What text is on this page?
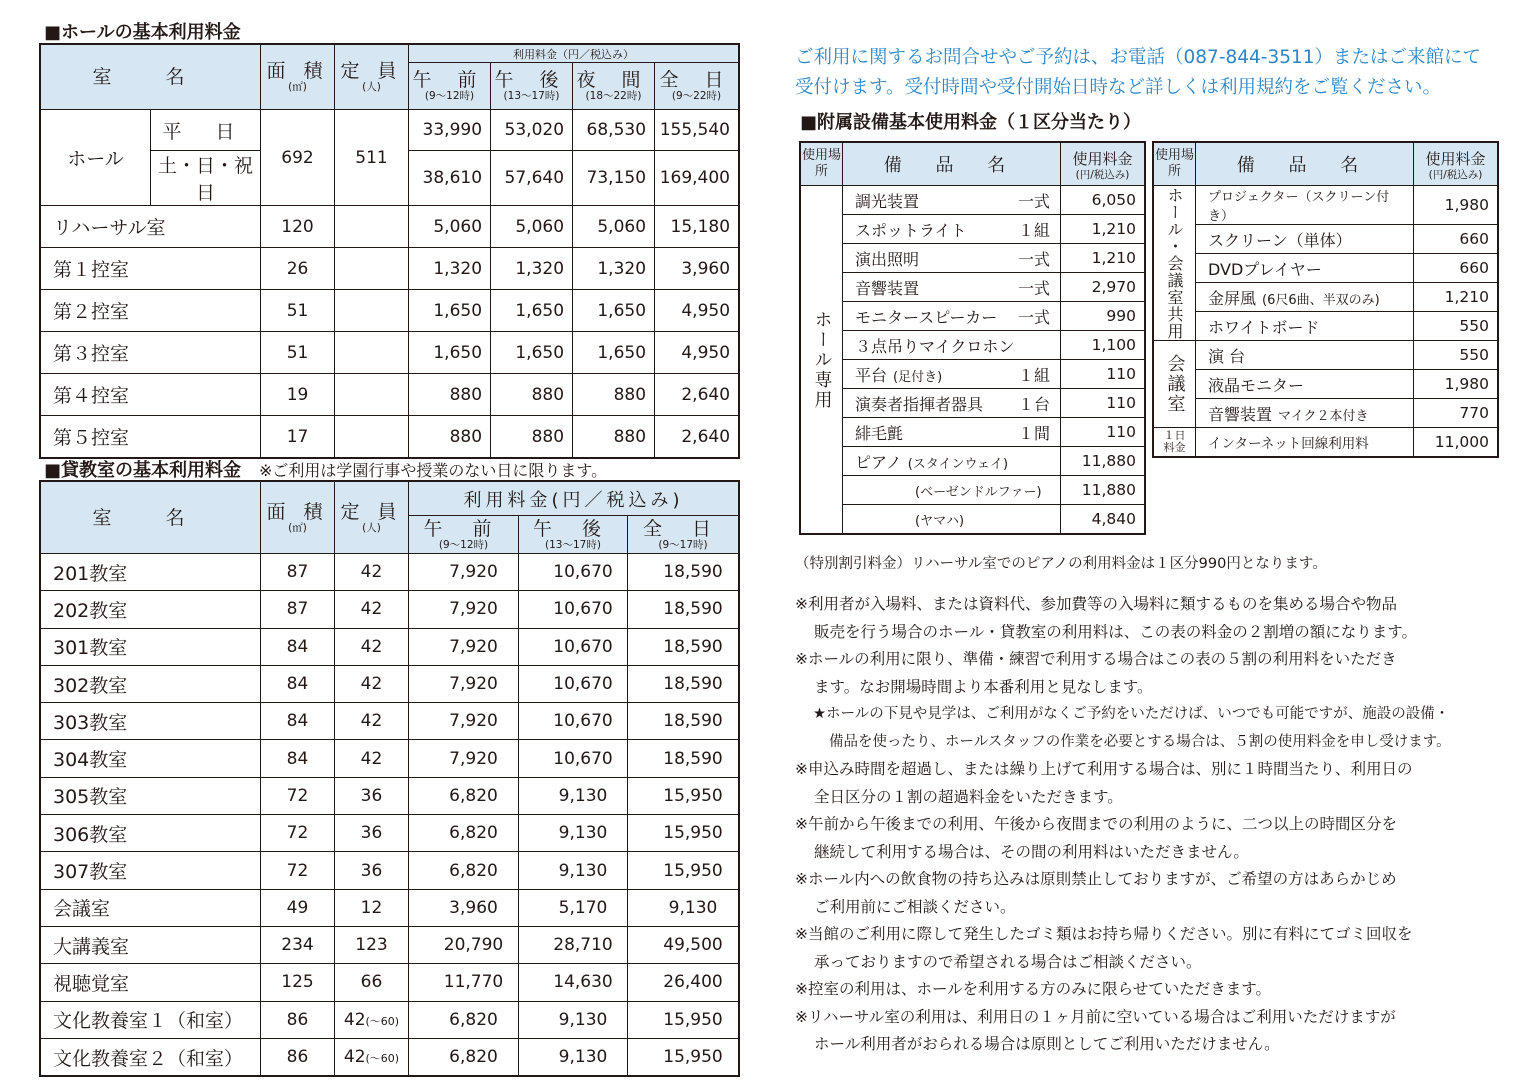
■ホールの基本利用料金
室 名		面 積
(㎡)	定 員
(人)	利用料金（円／税込み）			

				午 前
(9～12時)	午 後
(13～17時)	夜 間
(18～22時)	全 日
(9～22時)

ホール	平 日	692	511	33,990	53,020	68,530	155,540
	土・日・祝日			38,610	57,640	73,150	169,400
リハーサル室		120		5,060	5,060	5,060	15,180
第１控室		26		1,320	1,320	1,320	3,960
第２控室		51		1,650	1,650	1,650	4,950
第３控室		51		1,650	1,650	1,650	4,950
第４控室		19		880	880	880	2,640
第５控室		17		880	880	880	2,640
■貸教室の基本利用料金 ※ご利用は学園行事や授業のない日に限ります。
室 名	面 積
(㎡)	定 員
(人)	利用料金(円／税込み)		

			午 前
(9～12時)	午 後
(13～17時)	全 日
(9～17時)

201教室	87	42	7,920	10,670	18,590
202教室	87	42	7,920	10,670	18,590
301教室	84	42	7,920	10,670	18,590
302教室	84	42	7,920	10,670	18,590
303教室	84	42	7,920	10,670	18,590
304教室	84	42	7,920	10,670	18,590
305教室	72	36	6,820	9,130	15,950
306教室	72	36	6,820	9,130	15,950
307教室	72	36	6,820	9,130	15,950
会議室	49	12	3,960	5,170	9,130
大講義室	234	123	20,790	28,710	49,500
視聴覚室	125	66	11,770	14,630	26,400
文化教養室１（和室）	86	42(～60)	6,820	9,130	15,950
文化教養室２（和室）	86	42(～60)	6,820	9,130	15,950
ご利用に関するお問合せやご予約は、お電話（087-844-3511）またはご来館にて
受付けます。受付時間や受付開始日時など詳しくは利用規約をご覧ください。
■附属設備基本使用料金（１区分当たり）
使用場所	備 品 名	使用料金
(円/税込み)

ホール専用	調光装置 一式	6,050

	スポットライト １組	1,210

	演出照明 一式	1,210

	音響装置 一式	2,970

	モニタースピーカー 一式	990

	３点吊りマイクロホン	1,100

	平台 (足付き) １組	110

	演奏者指揮者器具 １台	110

	緋毛氈 １間	110

	ピアノ (スタインウェイ)	11,880

	(ベーゼンドルファー)	11,880

	(ヤマハ)	4,840
使用場所	備 品 名	使用料金
(円/税込み)

ホール・会議室共用	プロジェクター（スクリーン付き）	1,980

	スクリーン（単体）	660

	DVDプレイヤー	660

	金屏風 (6尺6曲、半双のみ)	1,210

	ホワイトボード	550

会議室	演 台	550

	液晶モニター	1,980

	音響装置 マイク２本付き	770

１日料金	インターネット回線利用料	11,000
（特別割引料金）リハーサル室でのピアノの利用料金は１区分990円となります。

※利用者が入場料、または資料代、参加費等の入場料に類するものを集める場合や物品

販売を行う場合のホール・貸教室の利用料は、この表の料金の２割増の額になります。

※ホールの利用に限り、準備・練習で利用する場合はこの表の５割の利用料をいただき

ます。なお開場時間より本番利用と見なします。

★ホールの下見や見学は、ご利用がなくご予約をいただけば、いつでも可能ですが、施設の設備・

備品を使ったり、ホールスタッフの作業を必要とする場合は、５割の使用料金を申し受けます。

※申込み時間を超過し、または繰り上げて利用する場合は、別に１時間当たり、利用日の

全日区分の１割の超過料金をいただきます。

※午前から午後までの利用、午後から夜間までの利用のように、二つ以上の時間区分を

継続して利用する場合は、その間の利用料はいただきません。

※ホール内への飲食物の持ち込みは原則禁止しておりますが、ご希望の方はあらかじめ

ご利用前にご相談ください。

※当館のご利用に際して発生したゴミ類はお持ち帰りください。別に有料にてゴミ回収を

承っておりますので希望される場合はご相談ください。

※控室の利用は、ホールを利用する方のみに限らせていただきます。

※リハーサル室の利用は、利用日の１ヶ月前に空いている場合はご利用いただけますが

ホール利用者がおられる場合は原則としてご利用いただけません。
